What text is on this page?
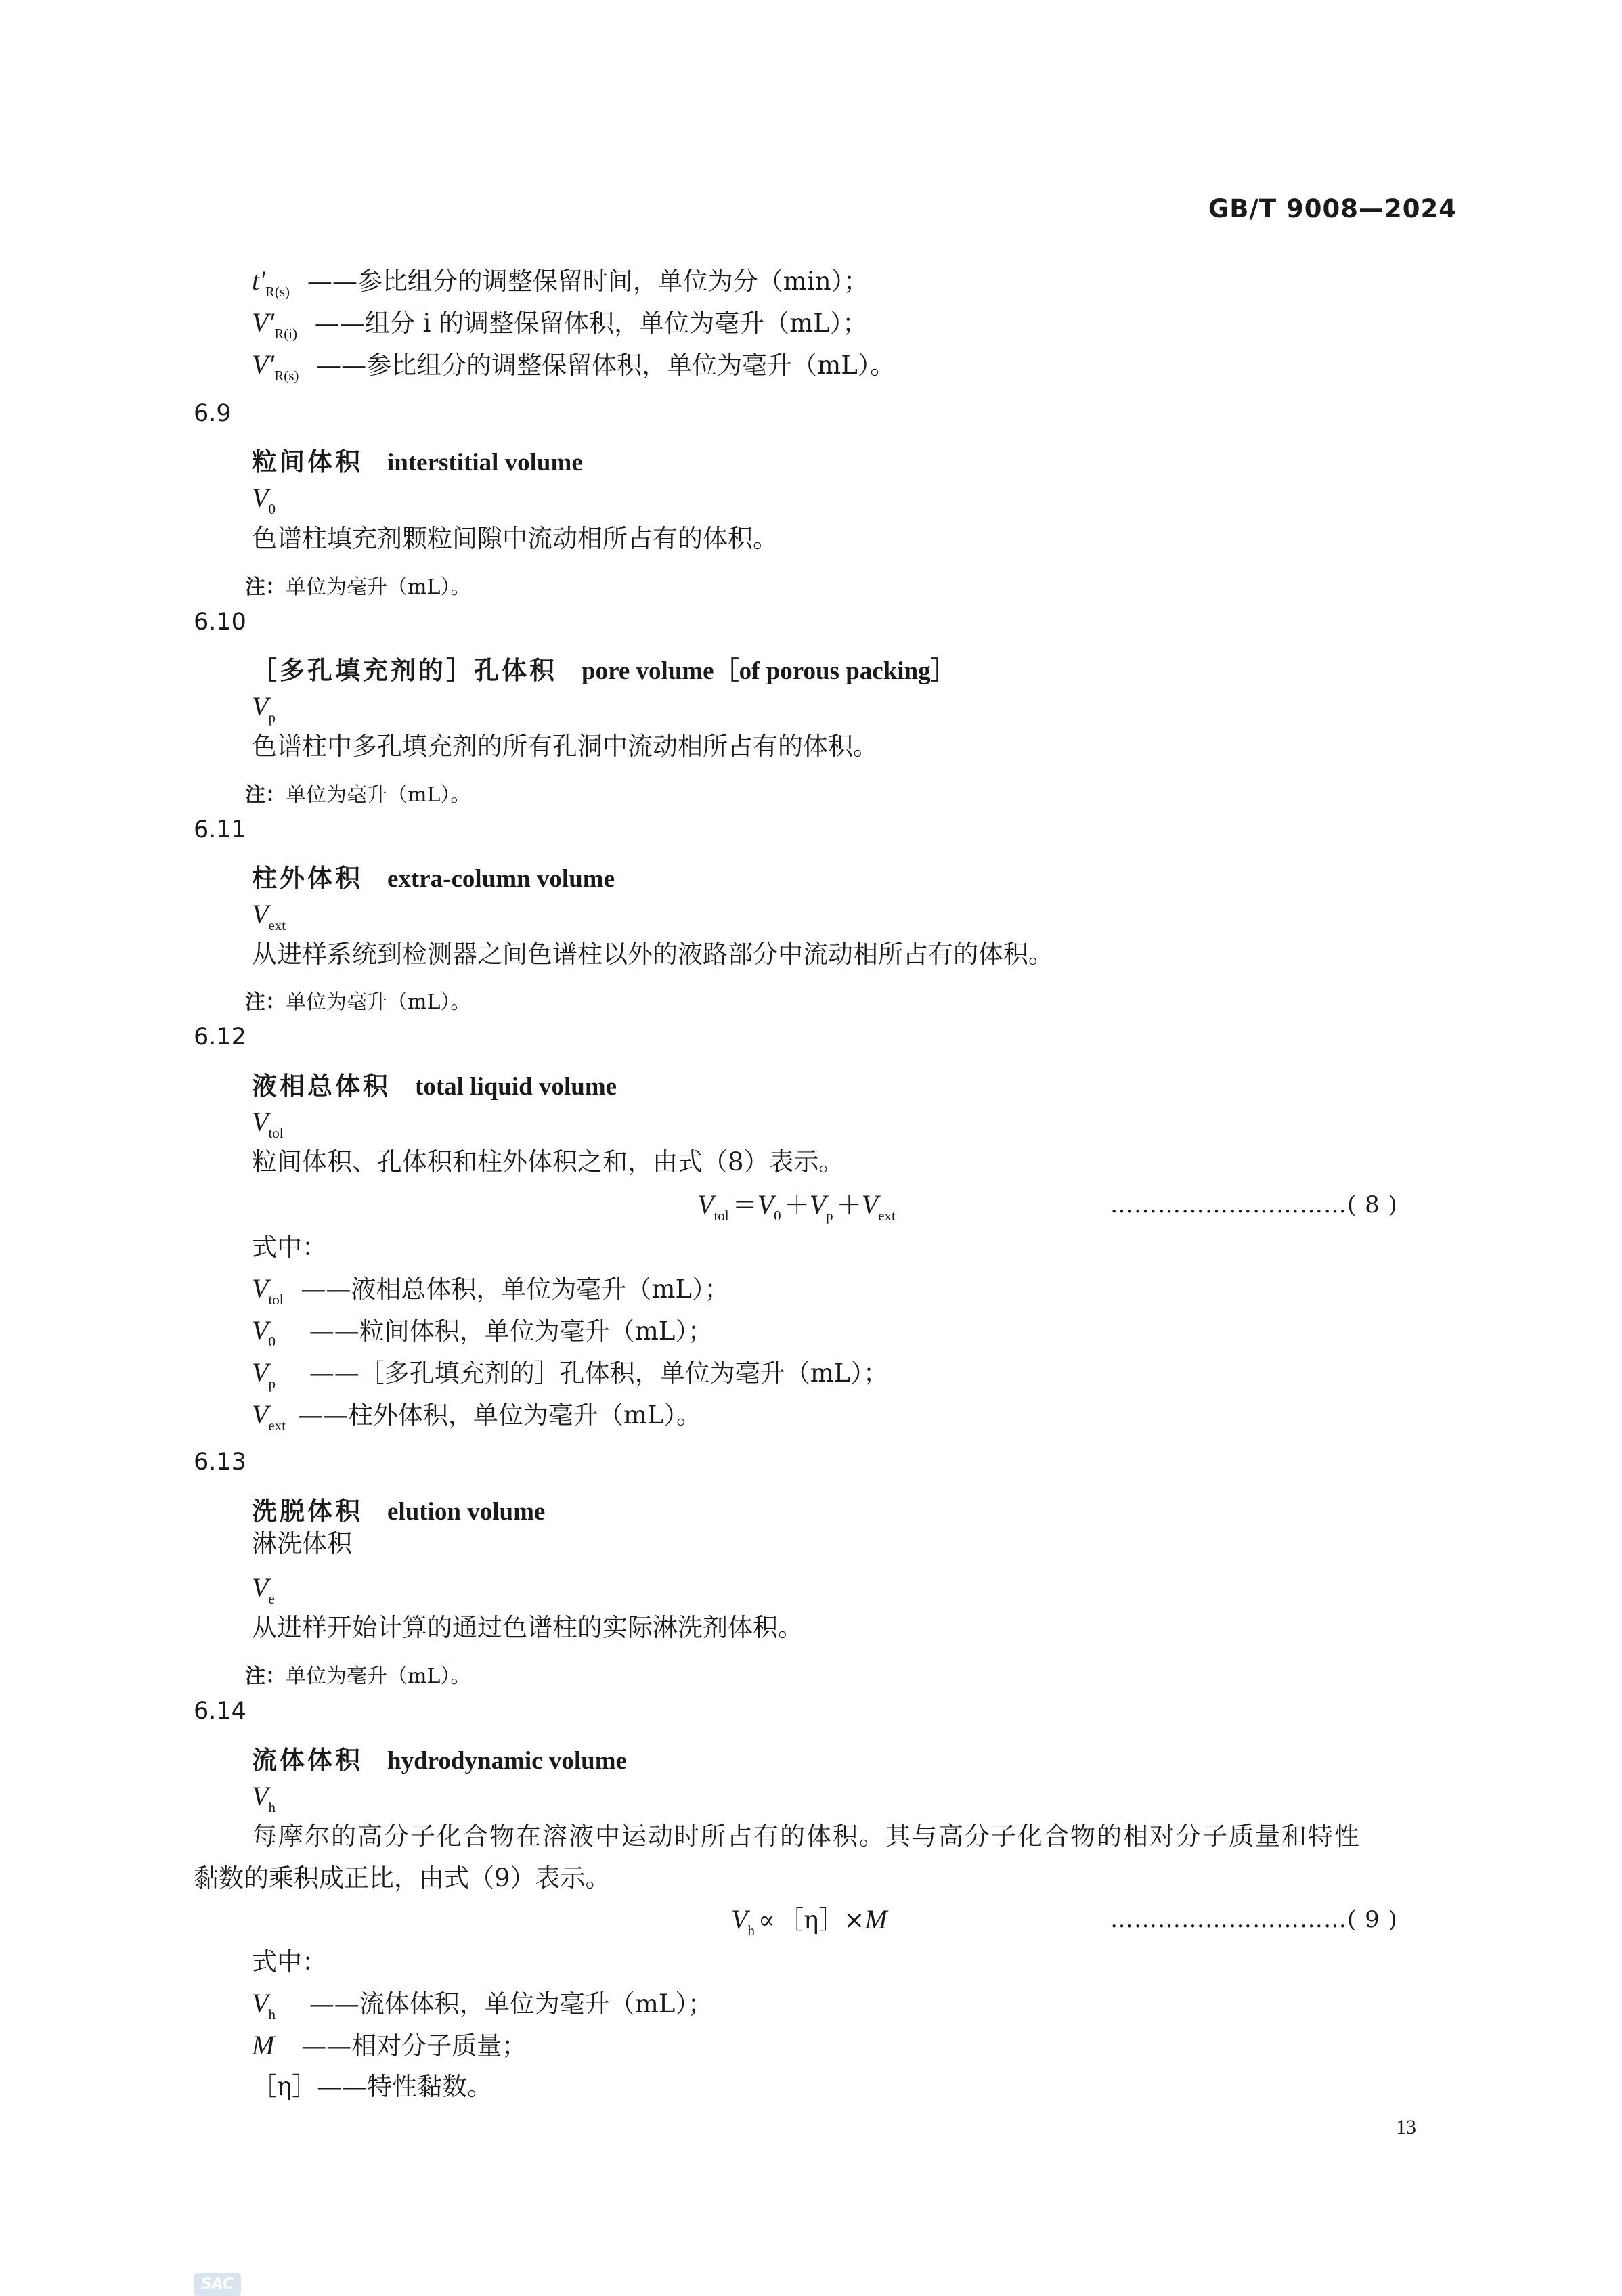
GB/T 9008—2024
$t'_{R(s)}$ ——参比组分的调整保留时间，单位为分（min）；
$V'_{R(i)}$ ——组分 i 的调整保留体积，单位为毫升（mL）；
$V'_{R(s)}$ ——参比组分的调整保留体积，单位为毫升（mL）。
6.9
粒间体积 interstitial volume
V0
色谱柱填充剂颗粒间隙中流动相所占有的体积。
注：单位为毫升（mL）。
6.10
［多孔填充剂的］孔体积 pore volume［of porous packing］
Vp
色谱柱中多孔填充剂的所有孔洞中流动相所占有的体积。
注：单位为毫升（mL）。
6.11
柱外体积 extra-column volume
Vext
从进样系统到检测器之间色谱柱以外的液路部分中流动相所占有的体积。
注：单位为毫升（mL）。
6.12
液相总体积 total liquid volume
Vtol
粒间体积、孔体积和柱外体积之和，由式（8）表示。
Vtol ＝V0 ＋Vp ＋Vext	…………………………( 8 )
式中：
$V_{tol}$ ——液相总体积，单位为毫升（mL）；
$V_0$ ——粒间体积，单位为毫升（mL）；
$V_p$ ——［多孔填充剂的］孔体积，单位为毫升（mL）；
$V_{ext}$ ——柱外体积，单位为毫升（mL）。
6.13
洗脱体积 elution volume
淋洗体积
Ve
从进样开始计算的通过色谱柱的实际淋洗剂体积。
注：单位为毫升（mL）。
6.14
流体体积 hydrodynamic volume
Vh
每摩尔的高分子化合物在溶液中运动时所占有的体积。其与高分子化合物的相对分子质量和特性
黏数的乘积成正比，由式（9）表示。
Vh ∝ ［η］×M	…………………………( 9 )
式中：
$V_h$ ——流体体积，单位为毫升（mL）；
M ——相对分子质量；
［η］——特性黏数。
13
SAC
